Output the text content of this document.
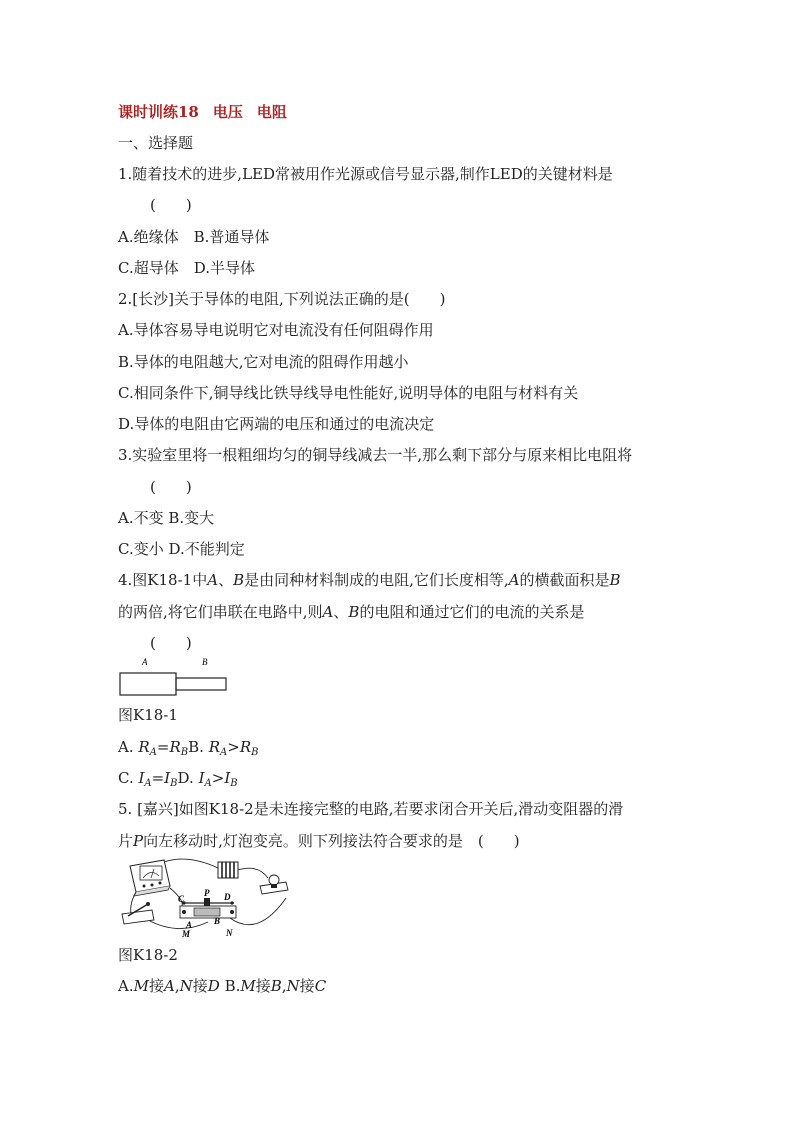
课时训练18 电压 电阻
一、选择题
1.随着技术的进步,LED常被用作光源或信号显示器,制作LED的关键材料是
(　　)
A.绝缘体　 B.普通导体
C.超导体　 D.半导体
2.[长沙]关于导体的电阻,下列说法正确的是(　　)
A.导体容易导电说明它对电流没有任何阻碍作用
B.导体的电阻越大,它对电流的阻碍作用越小
C.相同条件下,铜导线比铁导线导电性能好,说明导体的电阻与材料有关
D.导体的电阻由它两端的电压和通过的电流决定
3.实验室里将一根粗细均匀的铜导线减去一半,那么剩下部分与原来相比电阻将
(　　)
A.不变 B.变大
C.变小 D.不能判定
4.图K18-1中A、B是由同种材料制成的电阻,它们长度相等,A的横截面积是B
的两倍,将它们串联在电路中,则A、B的电阻和通过它们的电流的关系是
(　　)
A	B
图K18-1
A. $R_A=R_BB$. $R_A>R_B$
C. $I_A=I_BD$. $I_A>I_B$
5. [嘉兴]如图K18-2是未连接完整的电路,若要求闭合开关后,滑动变阻器的滑
片P向左移动时,灯泡变亮。则下列接法符合要求的是　(　　)
P
C	D
A B
M	N
图K18-2
A.M接A,N接D B.M接B,N接C
